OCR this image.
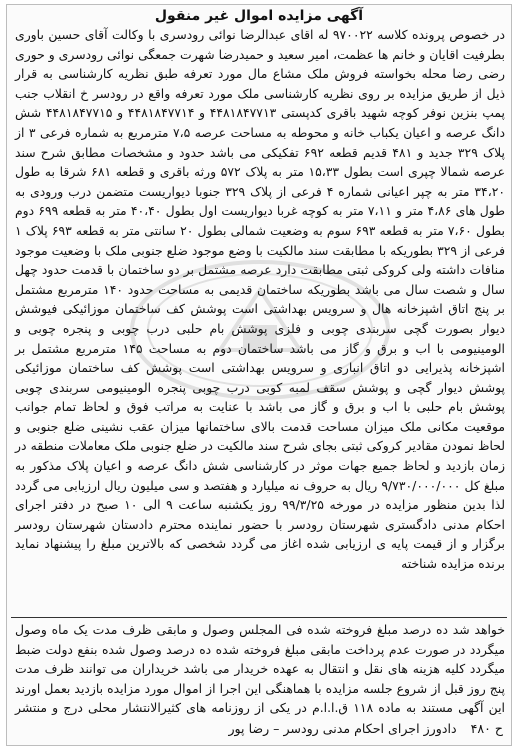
آگهی مزایده اموال غیر منقول
در خصوص پرونده کلاسه ۹۷۰۰۲۲ له اقای عبدالرضا نوائی رودسری با وکالت آقای حسین باوری بطرفیت اقایان و خانم ها عظمت، امیر سعید و حمیدرضا شهرت جمعگی نوائی رودسری و حوری رضی رضا محله بخواسته فروش ملک مشاع مال مورد تعرفه طبق نظریه کارشناسی به قرار ذیل از طریق مزایده بر روی نظریه کارشناسی ملک مورد تعرفه واقع در رودسر خ انقلاب جنب پمپ بنزین نوفر کوچه شهید باقری کدپستی ۴۴۸۱۸۴۷۷۱۳ و ۴۴۸۱۸۴۷۷۱۴ و ۴۴۸۱۸۴۷۷۱۵ شش دانگ عرصه و اعیان یکباب خانه و محوطه به مساحت عرصه ۷،۵ مترمربع به شماره فرعی ۳ از پلاک ۳۲۹ جدید و ۴۸۱ قدیم قطعه ۶۹۲ تفکیکی می باشد حدود و مشخصات مطابق شرح سند عرصه شمالا چپری است بطول ۱۵،۳۳ متر به پلاک ۵۷۲ ورثه باقری و قطعه ۶۸۱ شرقا به طول ۳۴،۲۰ متر به چپر اعیانی شماره ۴ فرعی از پلاک ۳۲۹ جنوبا دیواریست متضمن درب ورودی به طول های ۴،۸۶ متر و ۷،۱۱ متر به کوچه غربا دیواریست اول بطول ۴۰،۴۰ متر به قطعه ۶۹۹ دوم بطول ۷،۶۰ متر به قطعه ۶۹۳ سوم به وضعیت شمالی بطول ۲۰ سانتی متر به قطعه ۶۹۳ پلاک ۱ فرعی از ۳۲۹ بطوریکه با مطابقت سند مالکیت با وضع موجود ضلع جنوبی ملک با وضعیت موجود منافات داشته ولی کروکی ثبتی مطابقت دارد عرصه مشتمل بر دو ساختمان با قدمت حدود چهل سال و شصت سال می باشد بطوریکه ساختمان قدیمی به مساحت حدود ۱۴۰ مترمربع مشتمل بر پنج اتاق اشپزخانه هال و سرویس بهداشتی است پوشش کف ساختمان موزائیکی فیوشش دیوار بصورت گچی سربندی چوبی و فلزی پوشش بام حلبی درب چوبی و پنجره چوبی و الومینیومی با اب و برق و گاز می باشد ساختمان دوم به مساحت ۱۴۵ مترمربع مشتمل بر اشپزخانه پذیرایی دو اتاق انباری و سرویس بهداشتی است پوشش کف ساختمان موزائیکی پوشش دیوار گچی و پوشش سقف لمبه کوبی درب چوبی پنجره الومینیومی سربندی چوبی پوشش بام حلبی با اب و برق و گاز می باشد با عنایت به مراتب فوق و لحاظ تمام جوانب موقعیت مکانی ملک میزان مساحت قدمت بالای ساختمانها میزان عقب نشینی ضلع جنوبی و لحاظ نمودن مقادیر کروکی ثبتی بجای شرح سند مالکیت در ضلع جنوبی ملک معاملات منطقه در زمان بازدید و لحاظ جمیع جهات موثر در کارشناسی شش دانگ عرصه و اعیان پلاک مذکور به مبلغ کل ۹/۷۳۰/۰۰۰/۰۰۰ ریال به حروف نه میلیارد و هفتصد و سی میلیون ریال ارزیابی می گردد لذا بدین منظور مزایده در مورخه ۹۹/۳/۲۵ روز یکشنبه ساعت ۹ الی ۱۰ صبح در دفتر اجرای احکام مدنی دادگستری شهرستان رودسر با حضور نماینده محترم دادستان شهرستان رودسر برگزار و از قیمت پایه ی ارزیابی شده اغاز می گردد شخصی که بالاترین مبلغ را پیشنهاد نماید برنده مزایده شناخته
خواهد شد ده درصد مبلغ فروخته شده فی المجلس وصول و مابقی ظرف مدت یک ماه وصول میگردد در صورت عدم پرداخت مابقی مبلغ فروخته شده ده درصد وصول شده بنفع دولت ضبط میگردد کلیه هزینه های نقل و انتقال به عهده خریدار می باشد خریداران می توانند ظرف مدت پنج روز قبل از شروع جلسه مزایده با هماهنگی این اجرا از اموال مورد مزایده بازدید بعمل اورند این آگهی مستند به ماده ۱۱۸ ق.ا.ا.م در یکی از روزنامه های کثیرالانتشار محلی درج و منتشر
ح ۴۸۰ دادورز اجرای احکام مدنی رودسر – رضا پور
